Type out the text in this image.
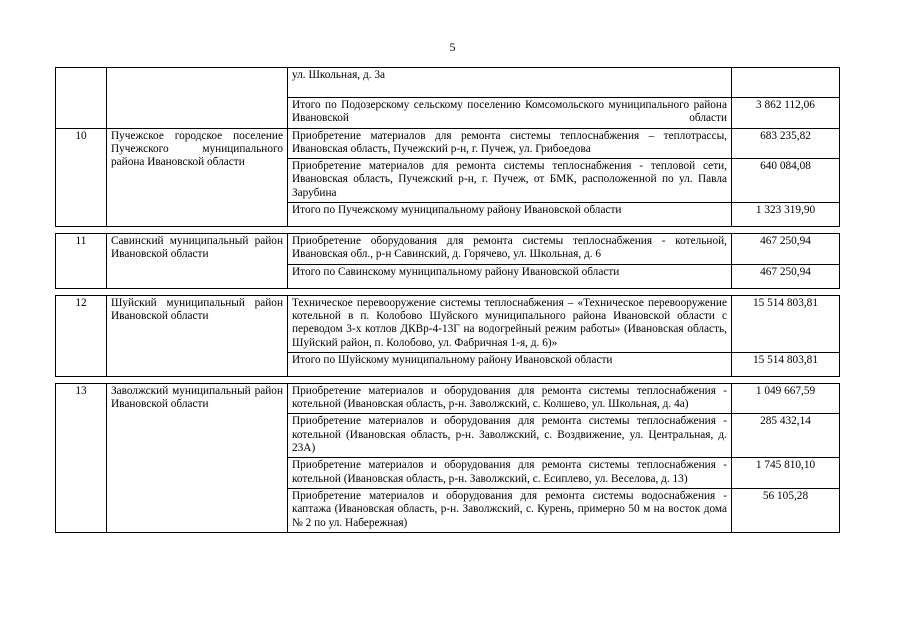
5
		ул. Школьная, д. 3а	
		Итого по Подозерскому сельскому поселению Комсомольского муниципального района Ивановской области	3 862 112,06
10	Пучежское городское поселение Пучежского муниципального района Ивановской области	Приобретение материалов для ремонта системы теплоснабжения – теплотрассы, Ивановская область, Пучежский р-н, г. Пучеж, ул. Грибоедова	683 235,82
		Приобретение материалов для ремонта системы теплоснабжения - тепловой сети, Ивановская область, Пучежский р-н, г. Пучеж, от БМК, расположенной по ул. Павла Зарубина	640 084,08
		Итого по Пучежскому муниципальному району Ивановской области	1 323 319,90

11	Савинский муниципальный район Ивановской области	Приобретение оборудования для ремонта системы теплоснабжения - котельной, Ивановская обл., р-н Савинский, д. Горячево, ул. Школьная, д. 6	467 250,94
		Итого по Савинскому муниципальному району Ивановской области	467 250,94

12	Шуйский муниципальный район Ивановской области	Техническое перевооружение системы теплоснабжения – «Техническое перевооружение котельной в п. Колобово Шуйского муниципального района Ивановской области с переводом 3-х котлов ДКВр-4-13Г на водогрейный режим работы» (Ивановская область, Шуйский район, п. Колобово, ул. Фабричная 1-я, д. 6)»	15 514 803,81
		Итого по Шуйскому муниципальному району Ивановской области	15 514 803,81

13	Заволжский муниципальный район Ивановской области	Приобретение материалов и оборудования для ремонта системы теплоснабжения - котельной (Ивановская область, р-н. Заволжский, с. Колшево, ул. Школьная, д. 4а)	1 049 667,59
		Приобретение материалов и оборудования для ремонта системы теплоснабжения - котельной (Ивановская область, р-н. Заволжский, с. Воздвижение, ул. Центральная, д. 23А)	285 432,14
		Приобретение материалов и оборудования для ремонта системы теплоснабжения - котельной (Ивановская область, р-н. Заволжский, с. Есиплево, ул. Веселова, д. 13)	1 745 810,10
		Приобретение материалов и оборудования для ремонта системы водоснабжения - каптажа (Ивановская область, р-н. Заволжский, с. Курень, примерно 50 м на восток дома № 2 по ул. Набережная)	56 105,28
